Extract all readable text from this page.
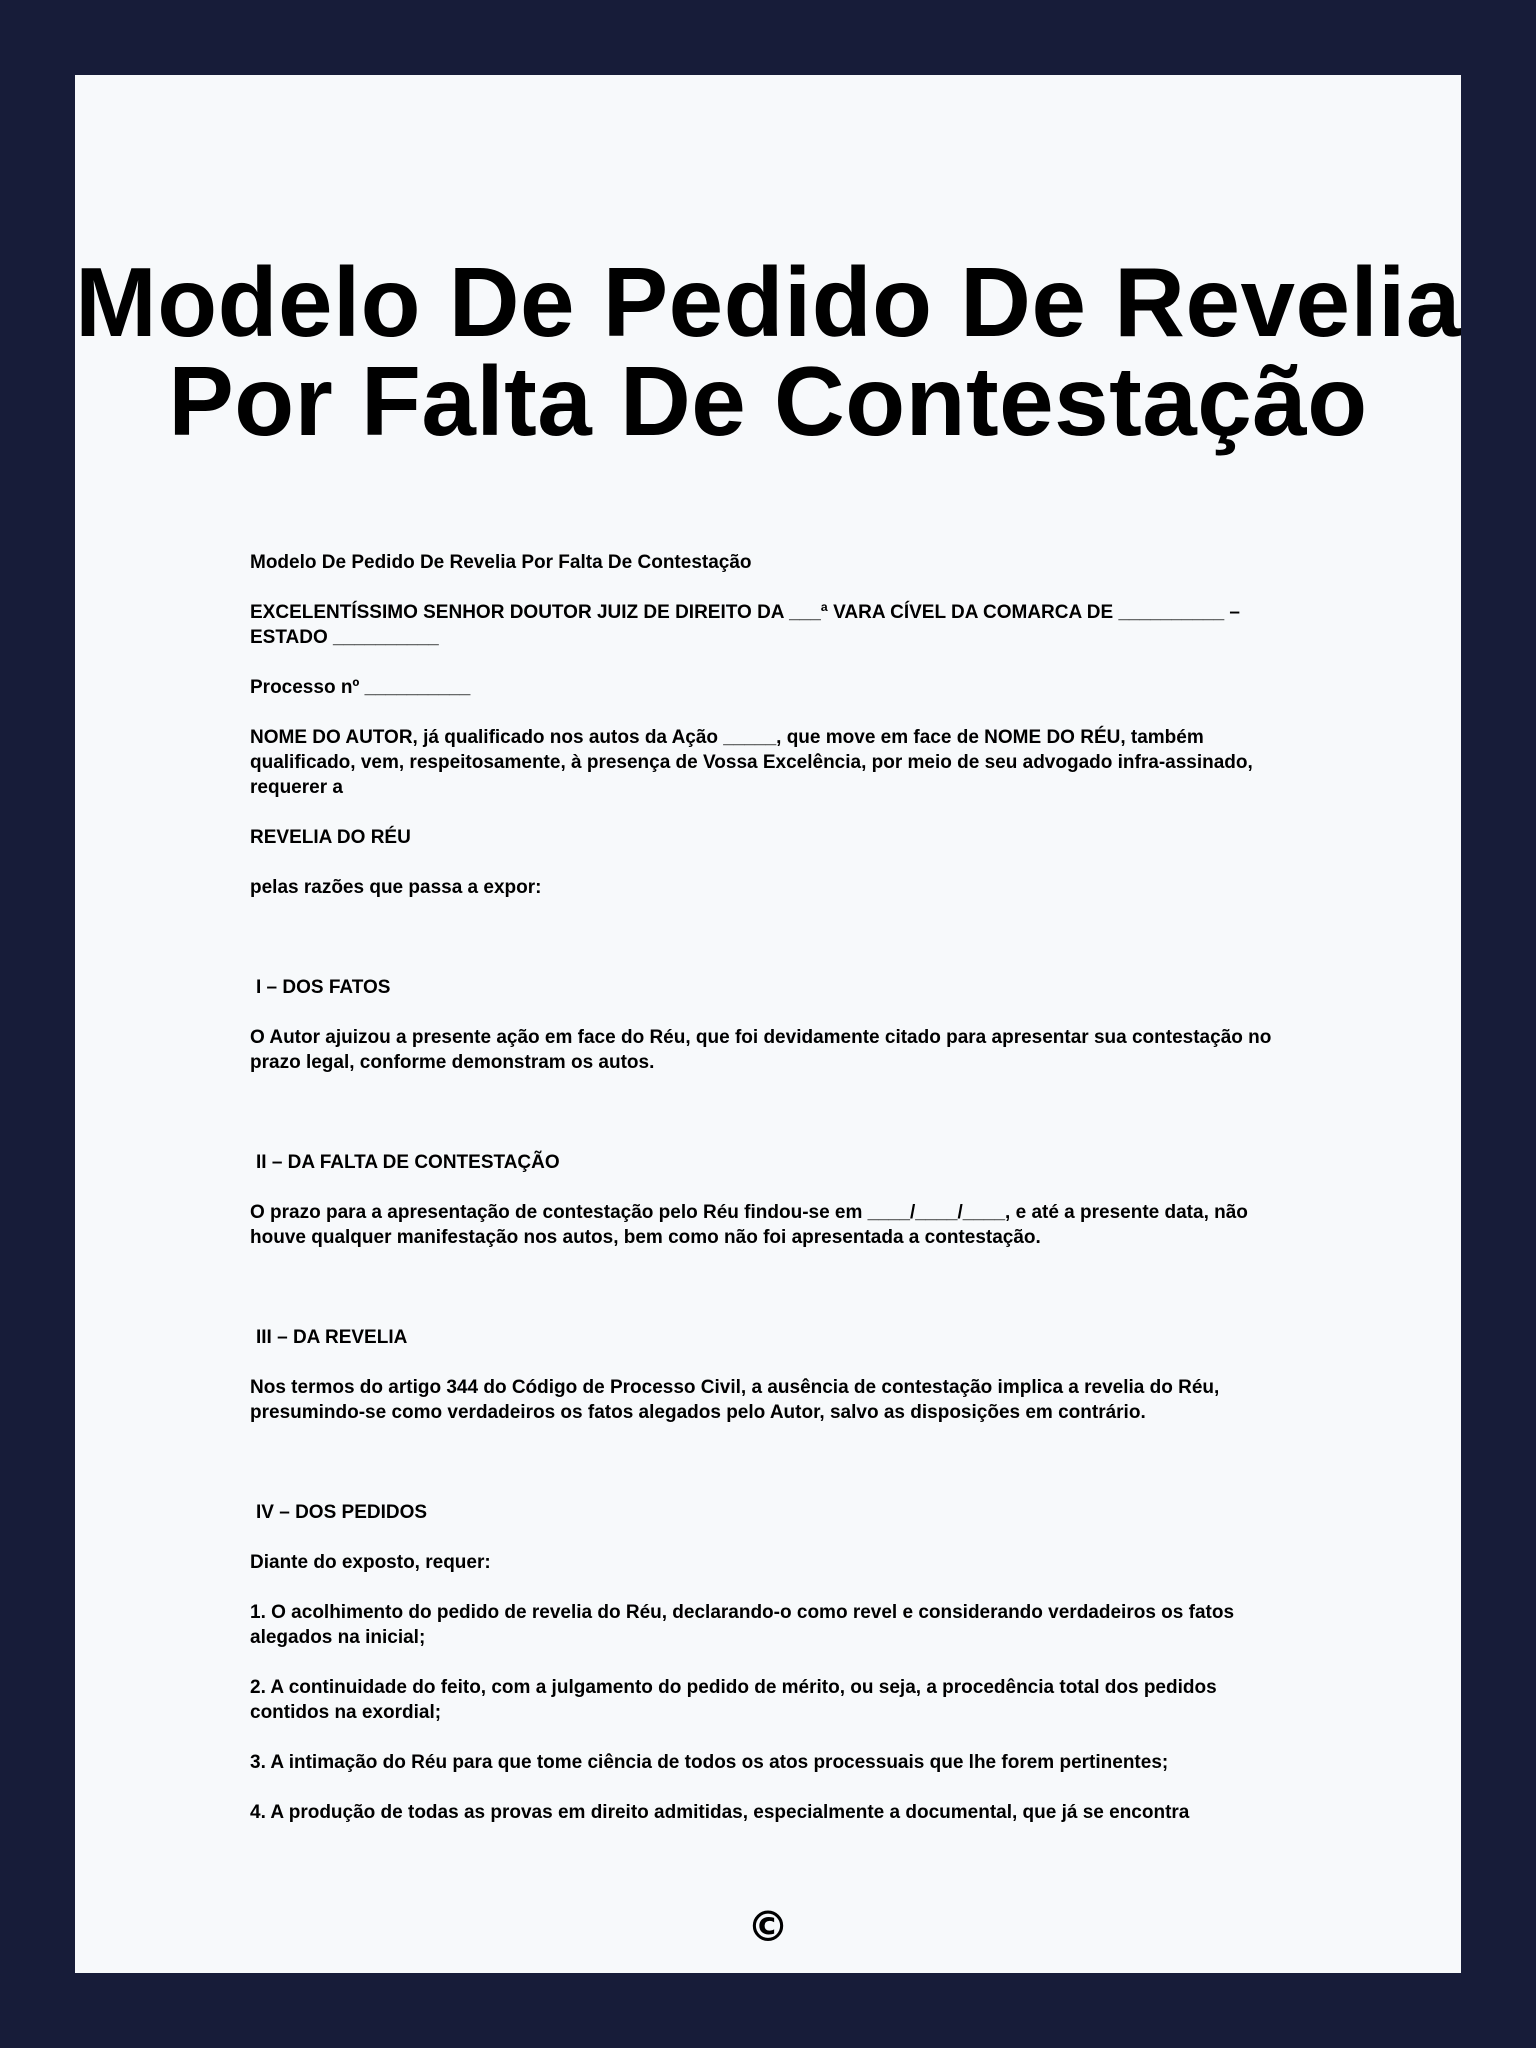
Modelo De Pedido De Revelia
Por Falta De Contestação

Modelo De Pedido De Revelia Por Falta De Contestação

EXCELENTÍSSIMO SENHOR DOUTOR JUIZ DE DIREITO DA ___ª VARA CÍVEL DA COMARCA DE __________ – ESTADO __________

Processo nº __________

NOME DO AUTOR, já qualificado nos autos da Ação _____, que move em face de NOME DO RÉU, também qualificado, vem, respeitosamente, à presença de Vossa Excelência, por meio de seu advogado infra-assinado, requerer a

REVELIA DO RÉU

pelas razões que passa a expor:

I – DOS FATOS

O Autor ajuizou a presente ação em face do Réu, que foi devidamente citado para apresentar sua contestação no prazo legal, conforme demonstram os autos.

II – DA FALTA DE CONTESTAÇÃO

O prazo para a apresentação de contestação pelo Réu findou-se em ____/____/____, e até a presente data, não houve qualquer manifestação nos autos, bem como não foi apresentada a contestação.

III – DA REVELIA

Nos termos do artigo 344 do Código de Processo Civil, a ausência de contestação implica a revelia do Réu, presumindo-se como verdadeiros os fatos alegados pelo Autor, salvo as disposições em contrário.

IV – DOS PEDIDOS

Diante do exposto, requer:

1. O acolhimento do pedido de revelia do Réu, declarando-o como revel e considerando verdadeiros os fatos alegados na inicial;

2. A continuidade do feito, com a julgamento do pedido de mérito, ou seja, a procedência total dos pedidos contidos na exordial;

3. A intimação do Réu para que tome ciência de todos os atos processuais que lhe forem pertinentes;

4. A produção de todas as provas em direito admitidas, especialmente a documental, que já se encontra

©
